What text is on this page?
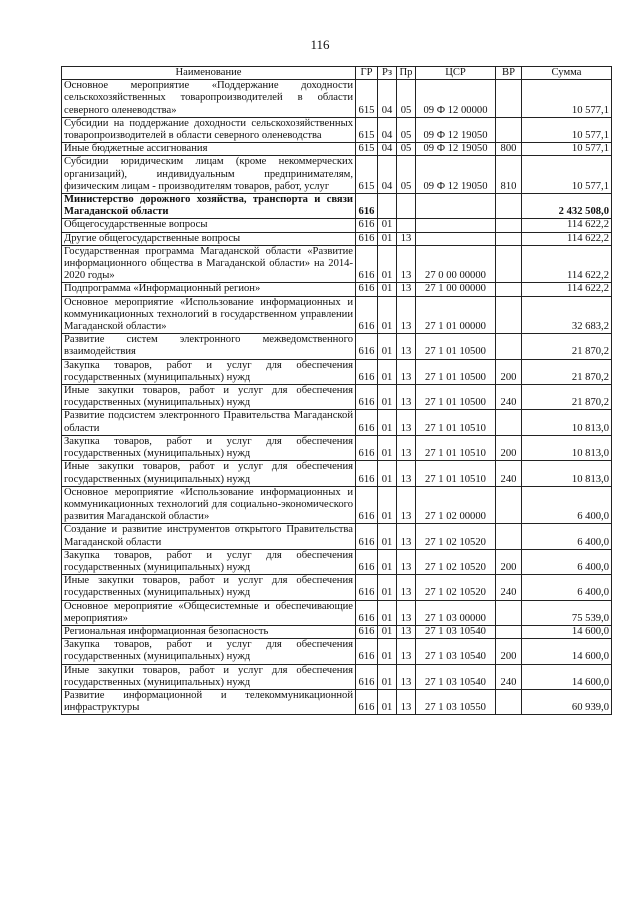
116
Наименование	ГР	Рз	Пр	ЦСР	ВР	Сумма
Основное мероприятие «Поддержание доходности сельскохозяйственных товаропроизводителей в области северного оленеводства»	615	04	05	09 Ф 12 00000		10 577,1
Субсидии на поддержание доходности сельскохозяйственных товаропроизводителей в области северного оленеводства	615	04	05	09 Ф 12 19050		10 577,1
Иные бюджетные ассигнования	615	04	05	09 Ф 12 19050	800	10 577,1
Субсидии юридическим лицам (кроме некоммерческих организаций), индивидуальным предпринимателям, физическим лицам - производителям товаров, работ, услуг	615	04	05	09 Ф 12 19050	810	10 577,1
Министерство дорожного хозяйства, транспорта и связи Магаданской области	616					2 432 508,0
Общегосударственные вопросы	616	01				114 622,2
Другие общегосударственные вопросы	616	01	13			114 622,2
Государственная программа Магаданской области «Развитие информационного общества в Магаданской области» на 2014-2020 годы»	616	01	13	27 0 00 00000		114 622,2
Подпрограмма «Информационный регион»	616	01	13	27 1 00 00000		114 622,2
Основное мероприятие «Использование информационных и коммуникационных технологий в государственном управлении Магаданской области»	616	01	13	27 1 01 00000		32 683,2
Развитие систем электронного межведомственного взаимодействия	616	01	13	27 1 01 10500		21 870,2
Закупка товаров, работ и услуг для обеспечения государственных (муниципальных) нужд	616	01	13	27 1 01 10500	200	21 870,2
Иные закупки товаров, работ и услуг для обеспечения государственных (муниципальных) нужд	616	01	13	27 1 01 10500	240	21 870,2
Развитие подсистем электронного Правительства Магаданской области	616	01	13	27 1 01 10510		10 813,0
Закупка товаров, работ и услуг для обеспечения государственных (муниципальных) нужд	616	01	13	27 1 01 10510	200	10 813,0
Иные закупки товаров, работ и услуг для обеспечения государственных (муниципальных) нужд	616	01	13	27 1 01 10510	240	10 813,0
Основное мероприятие «Использование информационных и коммуникационных технологий для социально-экономического развития Магаданской области»	616	01	13	27 1 02 00000		6 400,0
Создание и развитие инструментов открытого Правительства Магаданской области	616	01	13	27 1 02 10520		6 400,0
Закупка товаров, работ и услуг для обеспечения государственных (муниципальных) нужд	616	01	13	27 1 02 10520	200	6 400,0
Иные закупки товаров, работ и услуг для обеспечения государственных (муниципальных) нужд	616	01	13	27 1 02 10520	240	6 400,0
Основное мероприятие «Общесистемные и обеспечивающие мероприятия»	616	01	13	27 1 03 00000		75 539,0
Региональная информационная безопасность	616	01	13	27 1 03 10540		14 600,0
Закупка товаров, работ и услуг для обеспечения государственных (муниципальных) нужд	616	01	13	27 1 03 10540	200	14 600,0
Иные закупки товаров, работ и услуг для обеспечения государственных (муниципальных) нужд	616	01	13	27 1 03 10540	240	14 600,0
Развитие информационной и телекоммуникационной инфраструктуры	616	01	13	27 1 03 10550		60 939,0
